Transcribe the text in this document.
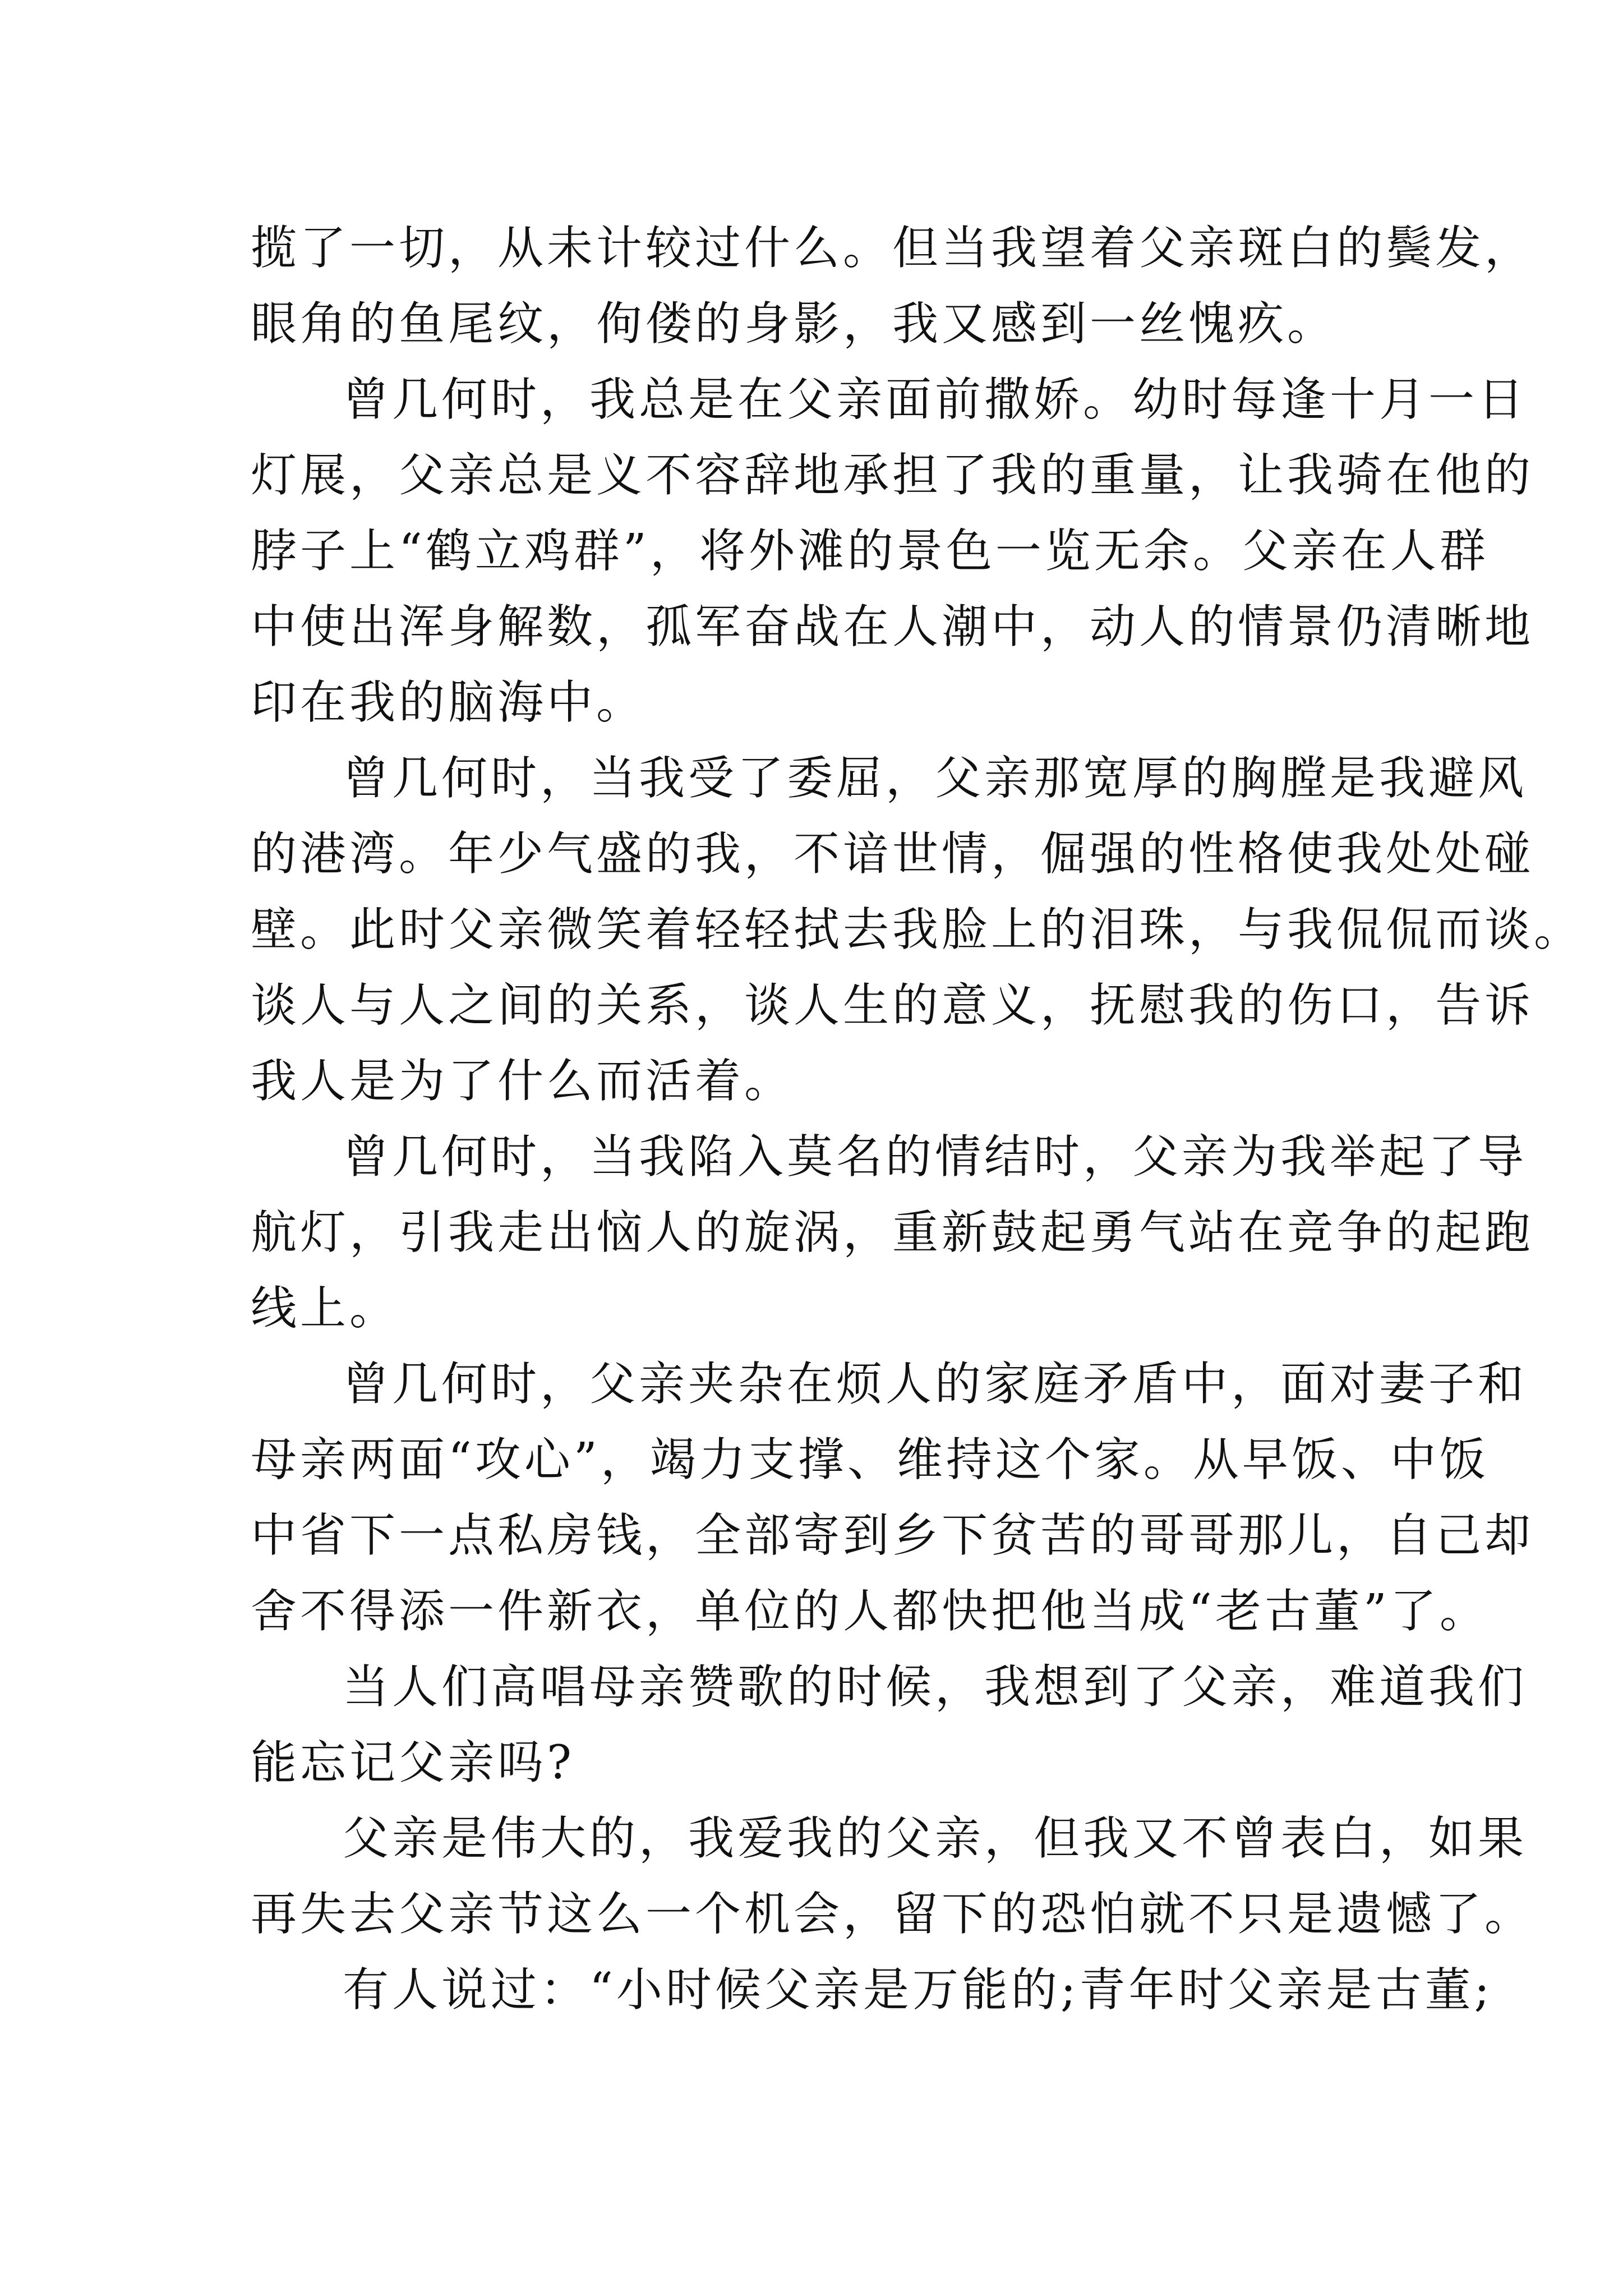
揽了一切，从未计较过什么。但当我望着父亲斑白的鬓发，
眼角的鱼尾纹，佝偻的身影，我又感到一丝愧疚。
曾几何时，我总是在父亲面前撒娇。幼时每逢十月一日
灯展，父亲总是义不容辞地承担了我的重量，让我骑在他的
脖子上“鹤立鸡群”，将外滩的景色一览无余。父亲在人群
中使出浑身解数，孤军奋战在人潮中，动人的情景仍清晰地
印在我的脑海中。
曾几何时，当我受了委屈，父亲那宽厚的胸膛是我避风
的港湾。年少气盛的我，不谙世情，倔强的性格使我处处碰
壁。此时父亲微笑着轻轻拭去我脸上的泪珠，与我侃侃而谈。
谈人与人之间的关系，谈人生的意义，抚慰我的伤口，告诉
我人是为了什么而活着。
曾几何时，当我陷入莫名的情结时，父亲为我举起了导
航灯，引我走出恼人的旋涡，重新鼓起勇气站在竞争的起跑
线上。
曾几何时，父亲夹杂在烦人的家庭矛盾中，面对妻子和
母亲两面“攻心”，竭力支撑、维持这个家。从早饭、中饭
中省下一点私房钱，全部寄到乡下贫苦的哥哥那儿，自己却
舍不得添一件新衣，单位的人都快把他当成“老古董”了。
当人们高唱母亲赞歌的时候，我想到了父亲，难道我们
能忘记父亲吗?
父亲是伟大的，我爱我的父亲，但我又不曾表白，如果
再失去父亲节这么一个机会，留下的恐怕就不只是遗憾了。
有人说过：“小时候父亲是万能的;青年时父亲是古董;
